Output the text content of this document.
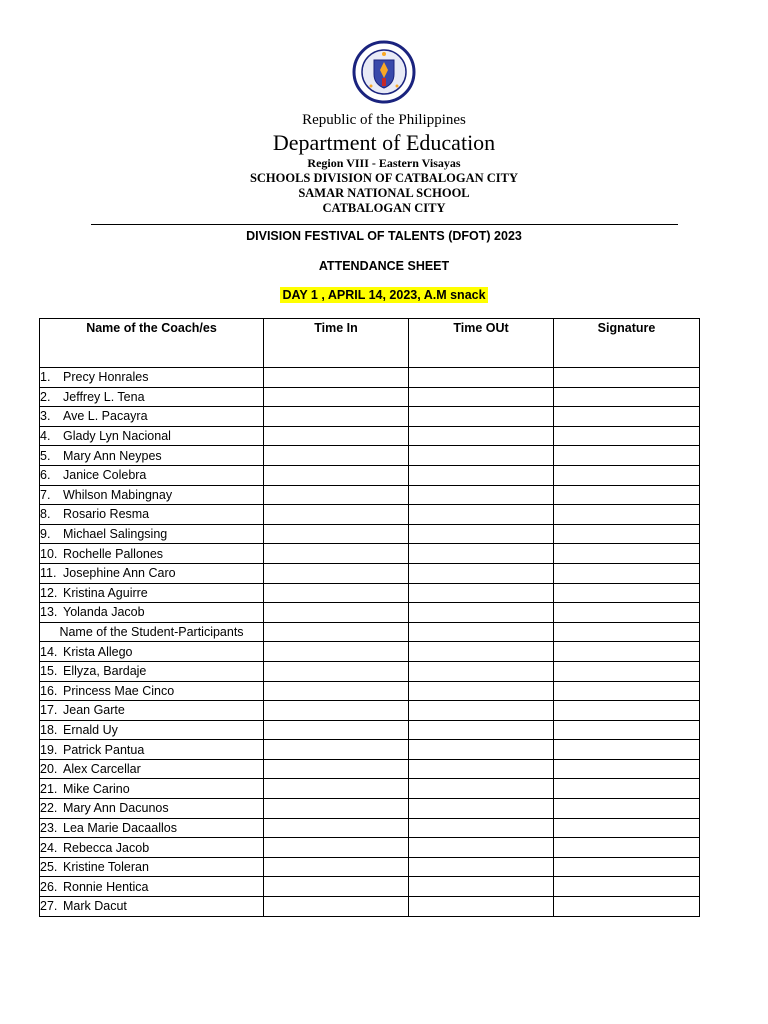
Republic of the Philippines
Department of Education
Region VIII - Eastern Visayas
SCHOOLS DIVISION OF CATBALOGAN CITY
SAMAR NATIONAL SCHOOL
CATBALOGAN CITY
DIVISION FESTIVAL OF TALENTS (DFOT) 2023
ATTENDANCE SHEET
DAY 1 , APRIL 14, 2023, A.M snack
Name of the Coach/es	Time In	Time OUt	Signature
1. Precy Honrales			
2. Jeffrey L. Tena			
3. Ave L. Pacayra			
4. Glady Lyn Nacional			
5. Mary Ann Neypes			
6. Janice Colebra			
7. Whilson Mabingnay			
8. Rosario Resma			
9. Michael Salingsing			
10. Rochelle Pallones			
11. Josephine Ann Caro			
12. Kristina Aguirre			
13. Yolanda Jacob			
Name of the Student-Participants			
14. Krista Allego			
15. Ellyza, Bardaje			
16. Princess Mae Cinco			
17. Jean Garte			
18. Ernald Uy			
19. Patrick Pantua			
20. Alex Carcellar			
21. Mike Carino			
22. Mary Ann Dacunos			
23. Lea Marie Dacaallos			
24. Rebecca Jacob			
25. Kristine Toleran			
26. Ronnie Hentica			
27. Mark Dacut			
